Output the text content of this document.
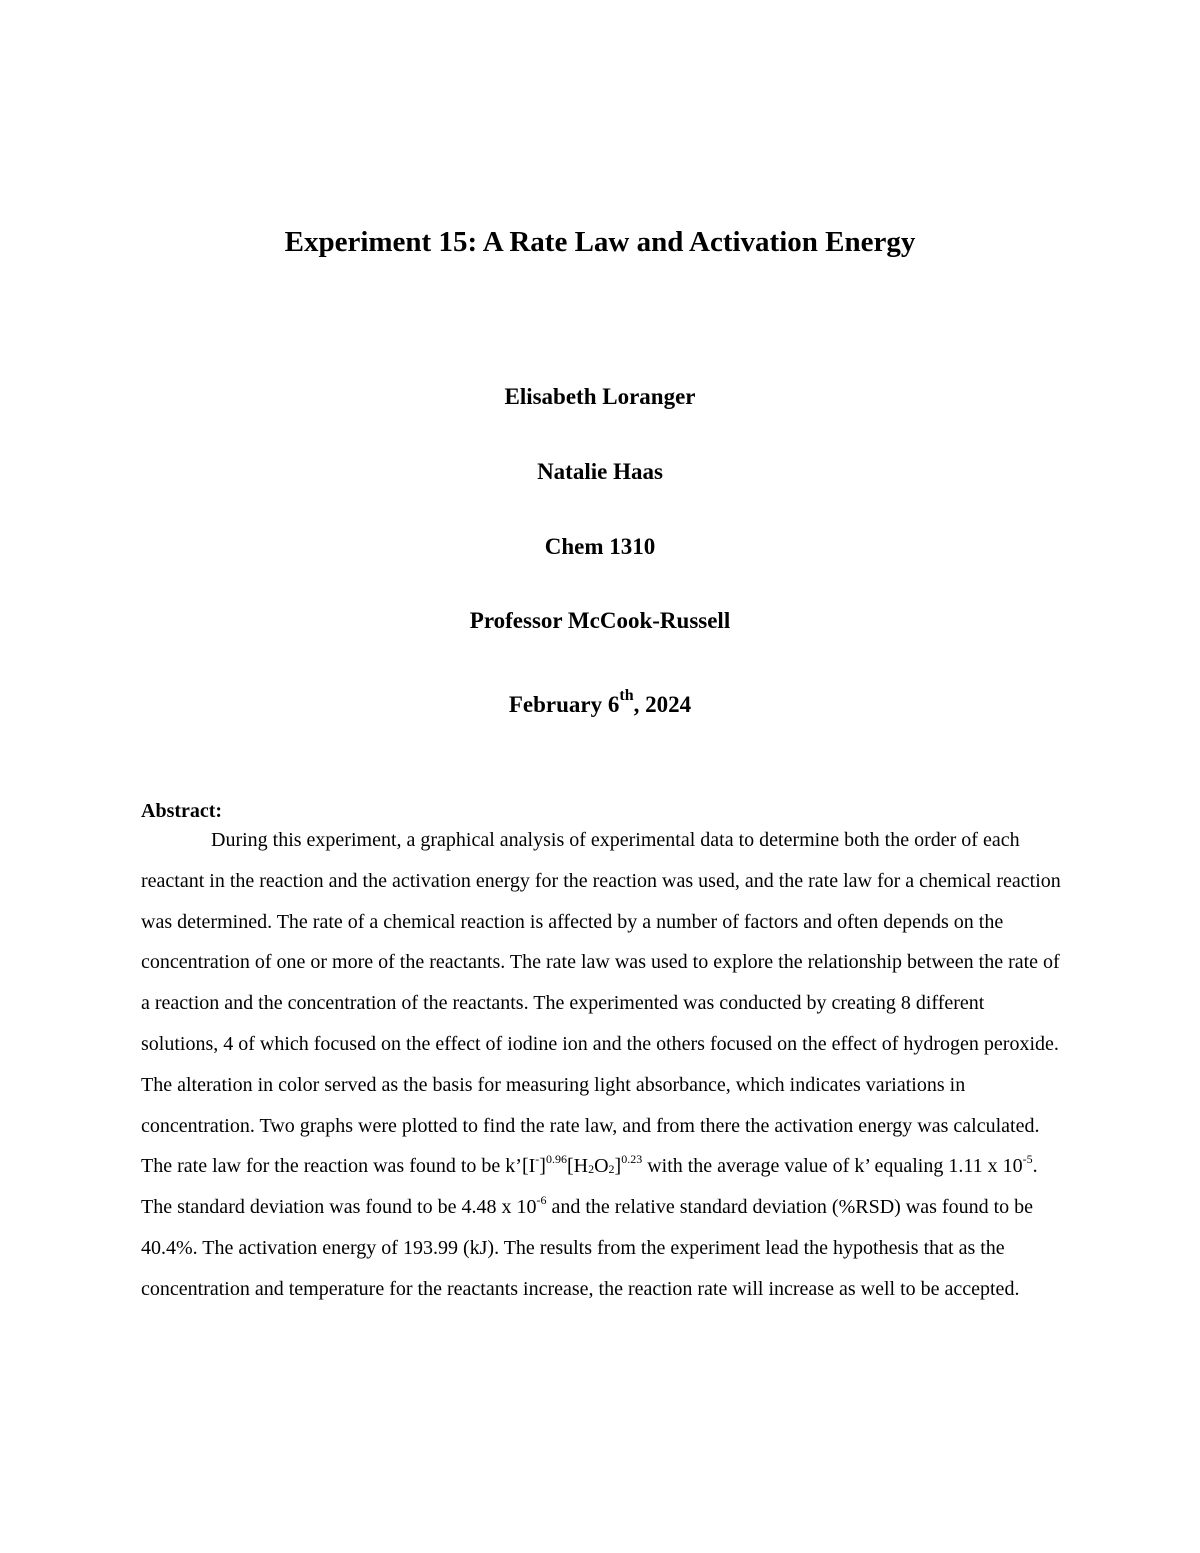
Experiment 15: A Rate Law and Activation Energy

Elisabeth Loranger

Natalie Haas

Chem 1310

Professor McCook-Russell

February 6th, 2024

Abstract:

During this experiment, a graphical analysis of experimental data to determine both the order of each reactant in the reaction and the activation energy for the reaction was used, and the rate law for a chemical reaction was determined. The rate of a chemical reaction is affected by a number of factors and often depends on the concentration of one or more of the reactants. The rate law was used to explore the relationship between the rate of a reaction and the concentration of the reactants. The experimented was conducted by creating 8 different solutions, 4 of which focused on the effect of iodine ion and the others focused on the effect of hydrogen peroxide. The alteration in color served as the basis for measuring light absorbance, which indicates variations in concentration. Two graphs were plotted to find the rate law, and from there the activation energy was calculated. The rate law for the reaction was found to be $k’[I^-]^{0.96}[H_2O_2]^{0.23}$ with the average value of k’ equaling 1.11 x $10^{-5}$. The standard deviation was found to be 4.48 x $10^{-6}$ and the relative standard deviation (%RSD) was found to be 40.4%. The activation energy of 193.99 (kJ). The results from the experiment lead the hypothesis that as the concentration and temperature for the reactants increase, the reaction rate will increase as well to be accepted.
